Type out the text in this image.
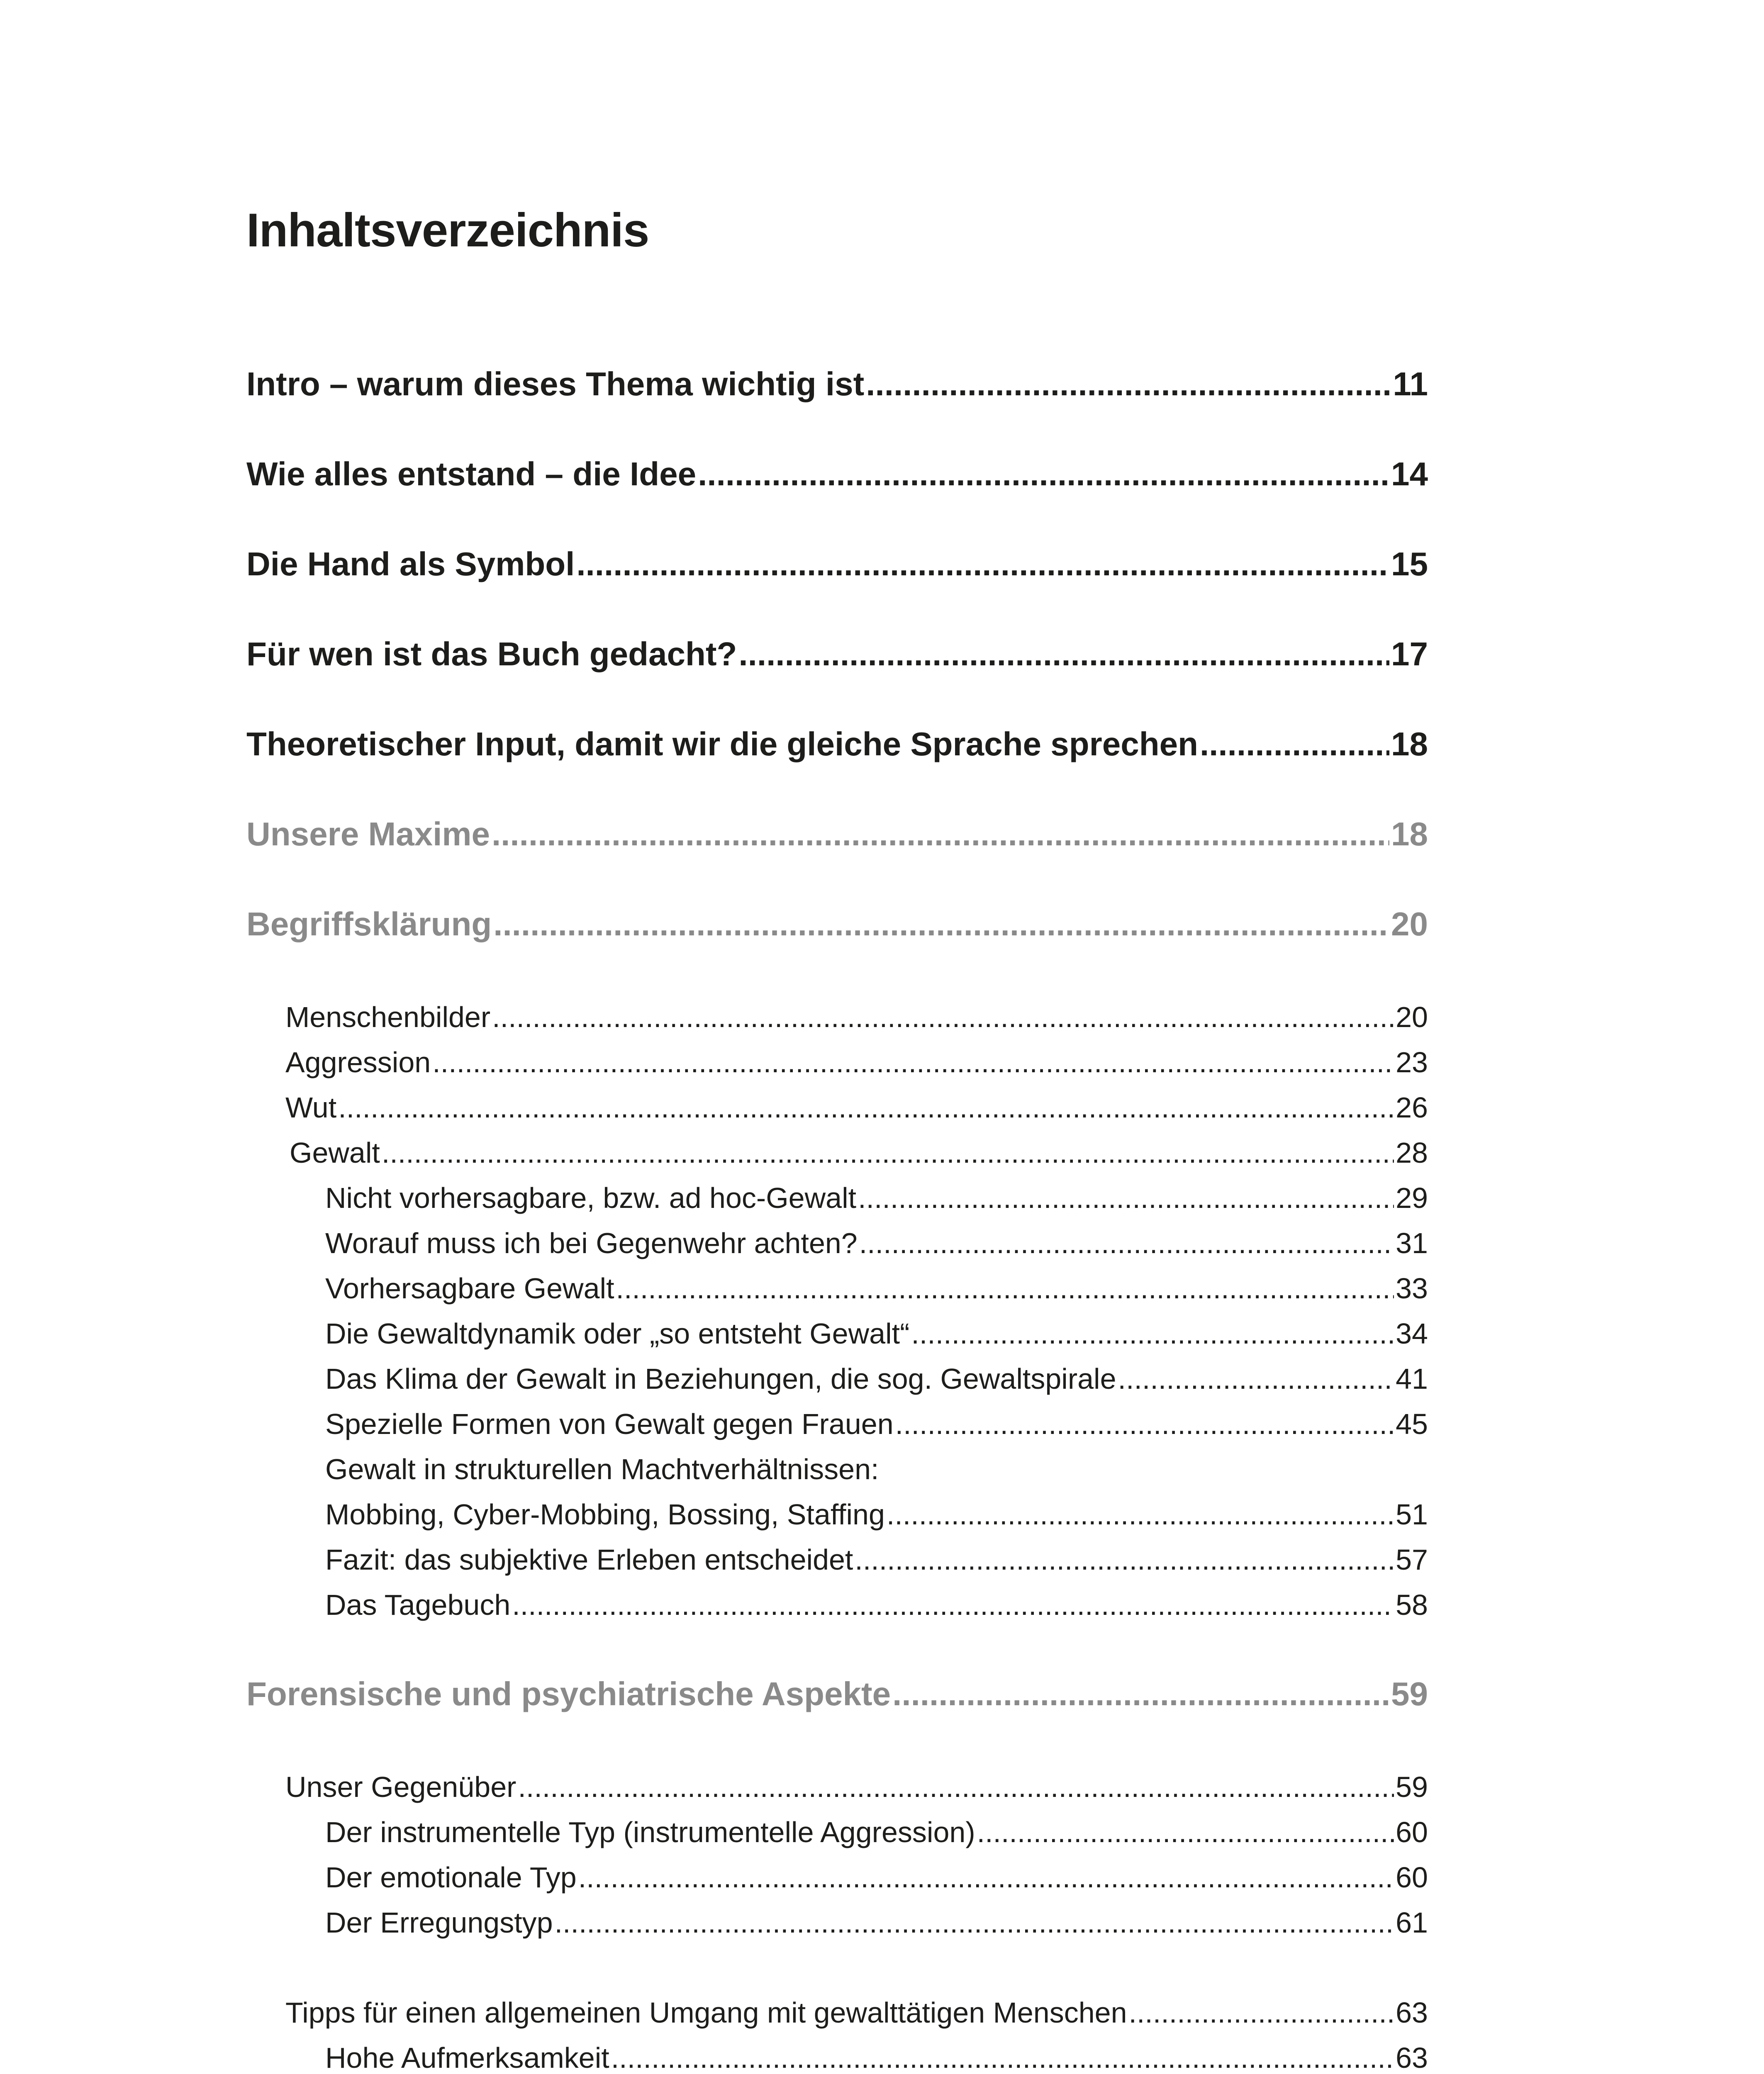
Inhaltsverzeichnis
Intro – warum dieses Thema wichtig ist .....	11
Wie alles entstand – die Idee .....	14
Die Hand als Symbol .....	15
Für wen ist das Buch gedacht? .....	17
Theoretischer Input, damit wir die gleiche Sprache sprechen .....	18
Unsere Maxime .....	18
Begriffsklärung .....	20
Menschenbilder .....	20
Aggression .....	23
Wut .....	26
Gewalt .....	28
Nicht vorhersagbare, bzw. ad hoc-Gewalt .....	29
Worauf muss ich bei Gegenwehr achten? .....	31
Vorhersagbare Gewalt .....	33
Die Gewaltdynamik oder „so entsteht Gewalt“ .....	34
Das Klima der Gewalt in Beziehungen, die sog. Gewaltspirale .....	41
Spezielle Formen von Gewalt gegen Frauen .....	45
Gewalt in strukturellen Machtverhältnissen:
Mobbing, Cyber-Mobbing, Bossing, Staffing .....	51
Fazit: das subjektive Erleben entscheidet .....	57
Das Tagebuch .....	58
Forensische und psychiatrische Aspekte .....	59
Unser Gegenüber .....	59
Der instrumentelle Typ (instrumentelle Aggression) .....	60
Der emotionale Typ .....	60
Der Erregungstyp .....	61
Tipps für einen allgemeinen Umgang mit gewalttätigen Menschen .....	63
Hohe Aufmerksamkeit .....	63
